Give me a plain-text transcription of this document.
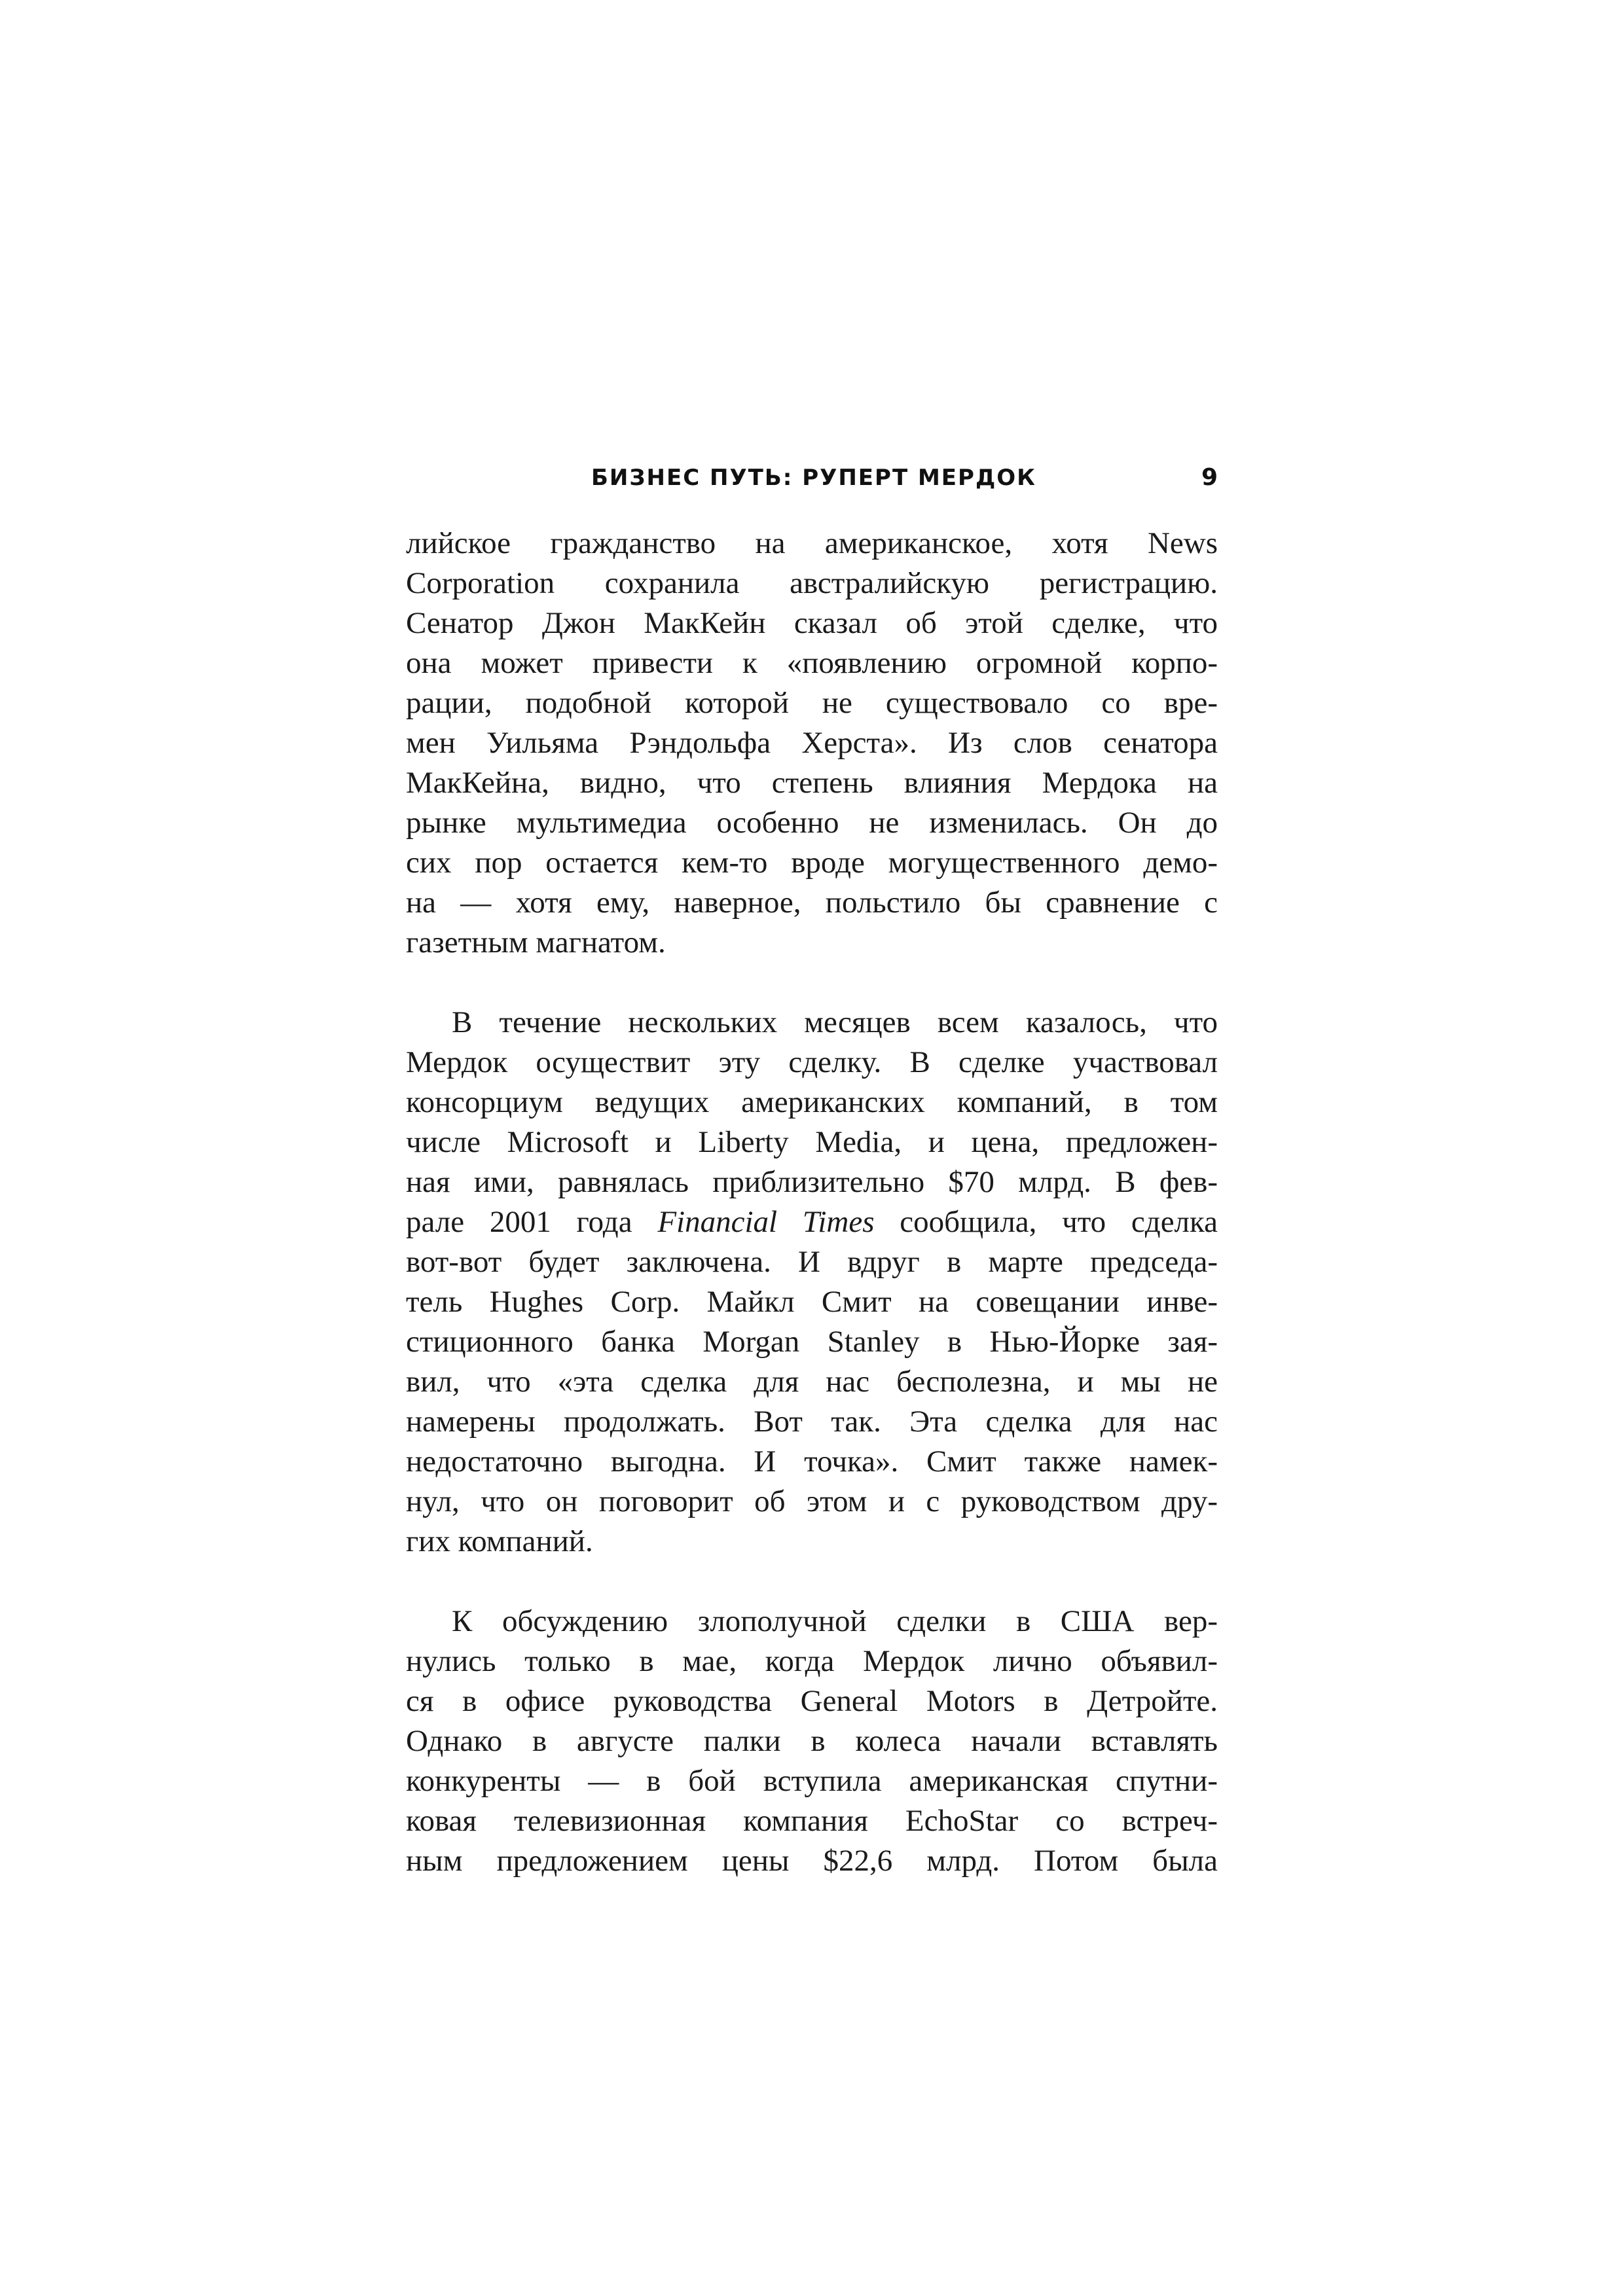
БИЗНЕС ПУТЬ: РУПЕРТ МЕРДОК	9

лийское гражданство на американское, хотя News
Corporation сохранила австралийскую регистрацию.
Сенатор Джон МакКейн сказал об этой сделке, что
она может привести к «появлению огромной корпо-
рации, подобной которой не существовало со вре-
мен Уильяма Рэндольфа Херста». Из слов сенатора
МакКейна, видно, что степень влияния Мердока на
рынке мультимедиа особенно не изменилась. Он до
сих пор остается кем-то вроде могущественного демо-
на — хотя ему, наверное, польстило бы сравнение с
газетным магнатом.

В течение нескольких месяцев всем казалось, что
Мердок осуществит эту сделку. В сделке участвовал
консорциум ведущих американских компаний, в том
числе Microsoft и Liberty Media, и цена, предложен-
ная ими, равнялась приблизительно $70 млрд. В фев-
рале 2001 года Financial Times сообщила, что сделка
вот-вот будет заключена. И вдруг в марте председа-
тель Hughes Corp. Майкл Смит на совещании инве-
стиционного банка Morgan Stanley в Нью-Йорке зая-
вил, что «эта сделка для нас бесполезна, и мы не
намерены продолжать. Вот так. Эта сделка для нас
недостаточно выгодна. И точка». Смит также намек-
нул, что он поговорит об этом и с руководством дру-
гих компаний.

К обсуждению злополучной сделки в США вер-
нулись только в мае, когда Мердок лично объявил-
ся в офисе руководства General Motors в Детройте.
Однако в августе палки в колеса начали вставлять
конкуренты — в бой вступила американская спутни-
ковая телевизионная компания EchoStar со встреч-
ным предложением цены $22,6 млрд. Потом была
